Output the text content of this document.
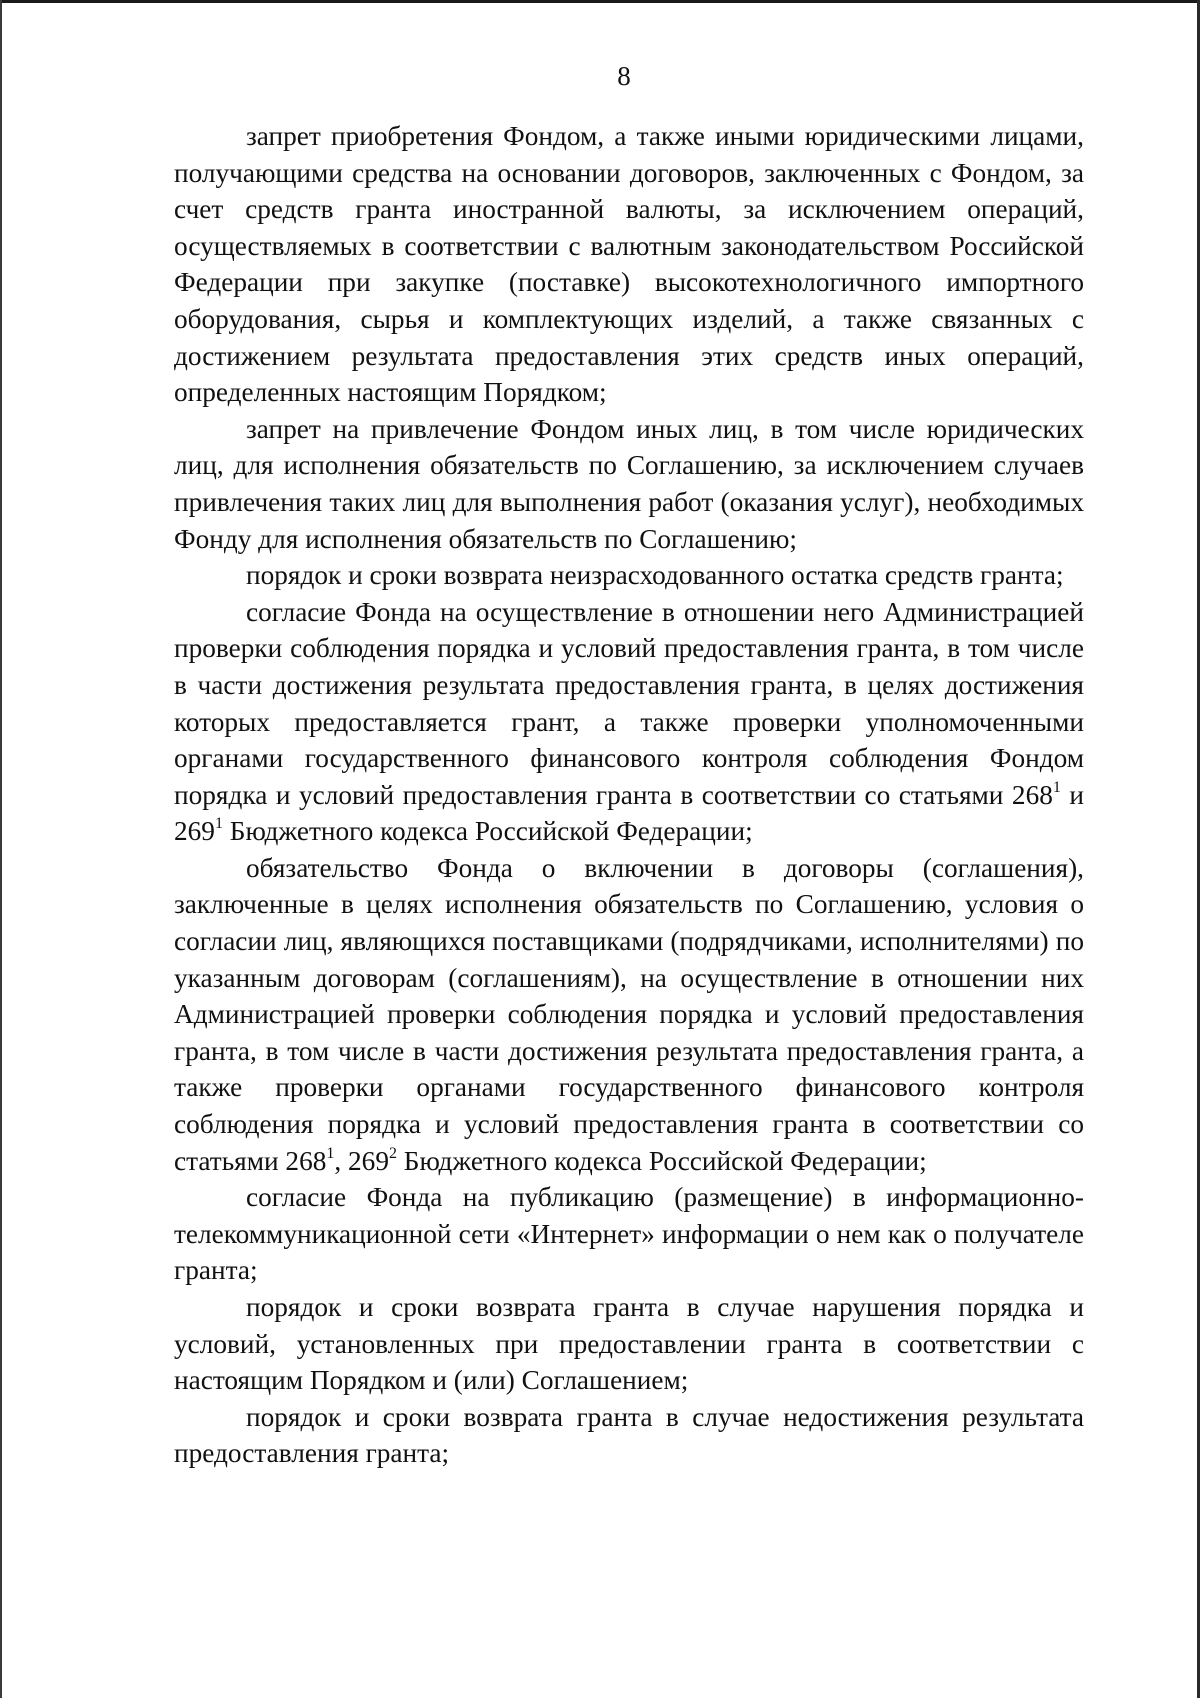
8

запрет приобретения Фондом, а также иными юридическими лицами, получающими средства на основании договоров, заключенных с Фондом, за счет средств гранта иностранной валюты, за исключением операций, осуществляемых в соответствии с валютным законодательством Российской Федерации при закупке (поставке) высокотехнологичного импортного оборудования, сырья и комплектующих изделий, а также связанных с достижением результата предоставления этих средств иных операций, определенных настоящим Порядком;

запрет на привлечение Фондом иных лиц, в том числе юридических лиц, для исполнения обязательств по Соглашению, за исключением случаев привлечения таких лиц для выполнения работ (оказания услуг), необходимых Фонду для исполнения обязательств по Соглашению;

порядок и сроки возврата неизрасходованного остатка средств гранта;

согласие Фонда на осуществление в отношении него Администрацией проверки соблюдения порядка и условий предоставления гранта, в том числе в части достижения результата предоставления гранта, в целях достижения которых предоставляется грант, а также проверки уполномоченными органами государственного финансового контроля соблюдения Фондом порядка и условий предоставления гранта в соответствии со статьями $268^1$ и $269^1$ Бюджетного кодекса Российской Федерации;

обязательство Фонда о включении в договоры (соглашения), заключенные в целях исполнения обязательств по Соглашению, условия о согласии лиц, являющихся поставщиками (подрядчиками, исполнителями) по указанным договорам (соглашениям), на осуществление в отношении них Администрацией проверки соблюдения порядка и условий предоставления гранта, в том числе в части достижения результата предоставления гранта, а также проверки органами государственного финансового контроля соблюдения порядка и условий предоставления гранта в соответствии со статьями $268^1$, $269^2$ Бюджетного кодекса Российской Федерации;

согласие Фонда на публикацию (размещение) в информационно-телекоммуникационной сети «Интернет» информации о нем как о получателе гранта;

порядок и сроки возврата гранта в случае нарушения порядка и условий, установленных при предоставлении гранта в соответствии с настоящим Порядком и (или) Соглашением;

порядок и сроки возврата гранта в случае недостижения результата предоставления гранта;
